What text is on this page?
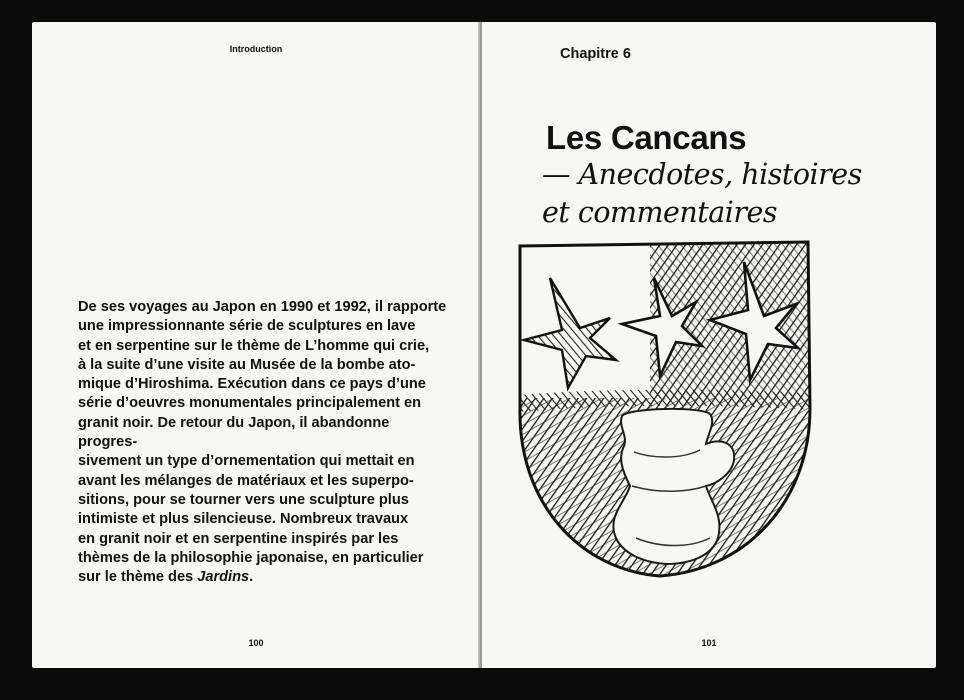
Introduction

De ses voyages au Japon en 1990 et 1992, il rapporte
une impressionnante série de sculptures en lave
et en serpentine sur le thème de L’homme qui crie,
à la suite d’une visite au Musée de la bombe ato-
mique d’Hiroshima. Exécution dans ce pays d’une
série d’oeuvres monumentales principalement en
granit noir. De retour du Japon, il abandonne progres-
sivement un type d’ornementation qui mettait en
avant les mélanges de matériaux et les superpo-
sitions, pour se tourner vers une sculpture plus
intimiste et plus silencieuse. Nombreux travaux
en granit noir et en serpentine inspirés par les
thèmes de la philosophie japonaise, en particulier
sur le thème des Jardins.

100
Chapitre 6
Les Cancans
— Anecdotes, histoires
et commentaires
101
